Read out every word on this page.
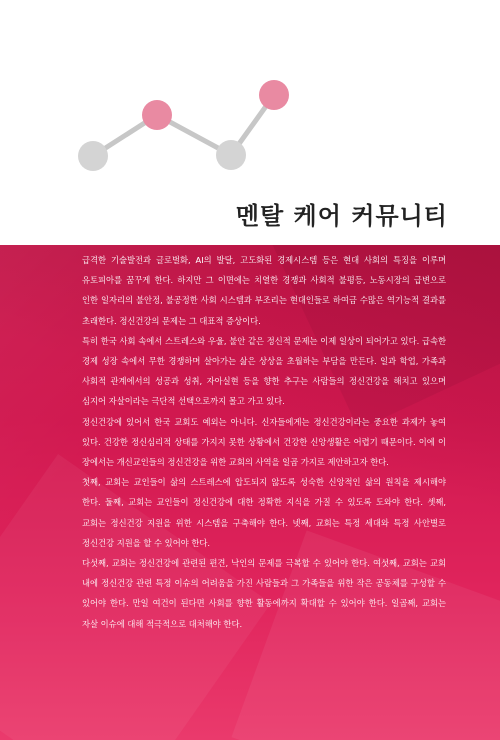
멘탈 케어 커뮤니티

급격한 기술발전과 글로벌화, AI의 발달, 고도화된 경제시스템 등은 현대 사회의 특징을 이루며 유토피아를 꿈꾸게 한다. 하지만 그 이면에는 치열한 경쟁과 사회적 불평등, 노동시장의 급변으로 인한 일자리의 불안정, 불공정한 사회 시스템과 부조리는 현대인들로 하여금 수많은 역기능적 결과를 초래한다. 정신건강의 문제는 그 대표적 증상이다.

특히 한국 사회 속에서 스트레스와 우울, 불안 같은 정신적 문제는 이제 일상이 되어가고 있다. 급속한 경제 성장 속에서 무한 경쟁하며 살아가는 삶은 상상을 초월하는 부담을 만든다. 일과 학업, 가족과 사회적 관계에서의 성공과 성취, 자아실현 등을 향한 추구는 사람들의 정신건강을 해치고 있으며 심지어 자살이라는 극단적 선택으로까지 몰고 가고 있다.

정신건강에 있어서 한국 교회도 예외는 아니다. 신자들에게는 정신건강이라는 중요한 과제가 놓여 있다. 건강한 정신심리적 상태를 가지지 못한 상황에서 건강한 신앙생활은 어렵기 때문이다. 이에 이 장에서는 개신교인들의 정신건강을 위한 교회의 사역을 일곱 가지로 제안하고자 한다.

첫째, 교회는 교인들이 삶의 스트레스에 압도되지 않도록 성숙한 신앙적인 삶의 원칙을 제시해야 한다. 둘째, 교회는 교인들이 정신건강에 대한 정확한 지식을 가질 수 있도록 도와야 한다. 셋째, 교회는 정신건강 지원을 위한 시스템을 구축해야 한다. 넷째, 교회는 특정 세대와 특정 사안별로 정신건강 지원을 할 수 있어야 한다.

다섯째, 교회는 정신건강에 관련된 편견, 낙인의 문제를 극복할 수 있어야 한다. 여섯째, 교회는 교회 내에 정신건강 관련 특정 이슈의 어려움을 가진 사람들과 그 가족들을 위한 작은 공동체를 구성할 수 있어야 한다. 만일 여건이 된다면 사회를 향한 활동에까지 확대할 수 있어야 한다. 일곱째, 교회는 자살 이슈에 대해 적극적으로 대처해야 한다.
